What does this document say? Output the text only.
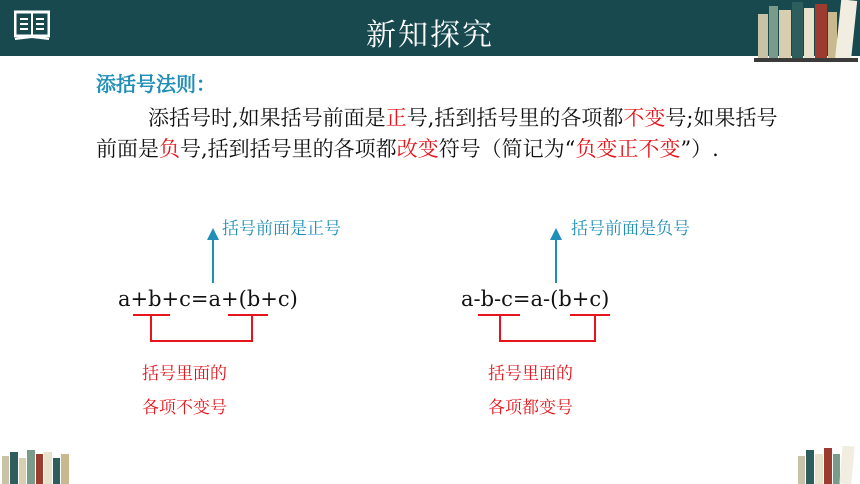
新知探究
添括号法则：
添括号时,如果括号前面是正号,括到括号里的各项都不变号;如果括号前面是负号,括到括号里的各项都改变符号（简记为“负变正不变”）.
括号前面是正号	括号前面是负号
a+b+c=a+(b+c)	a-b-c=a-(b+c)
括号里面的
各项不变号
括号里面的
各项都变号
